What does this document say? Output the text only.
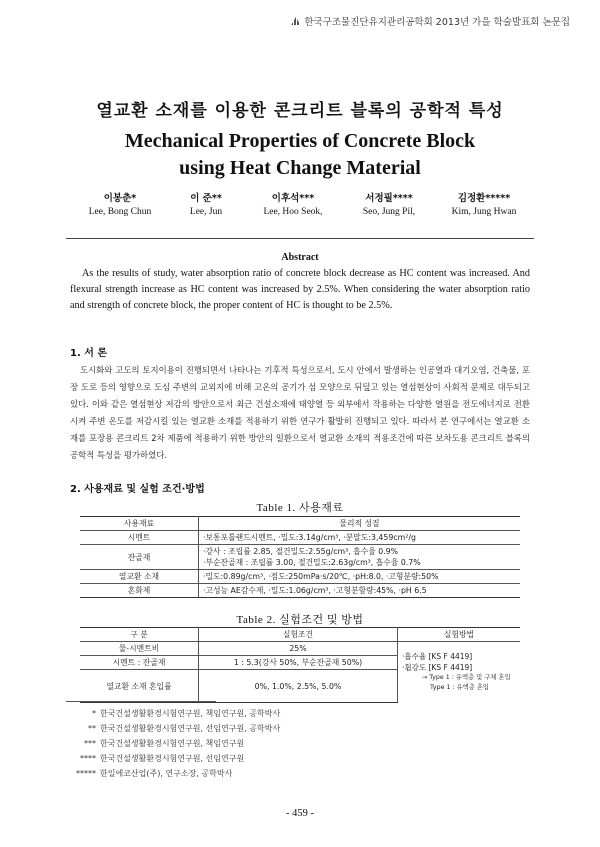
한국구조물진단유지관리공학회 2013년 가을 학술발표회 논문집
열교환 소재를 이용한 콘크리트 블록의 공학적 특성
Mechanical Properties of Concrete Block
using Heat Change Material
이봉춘*
Lee, Bong Chun
이 준**
Lee, Jun
이후석***
Lee, Hoo Seok,
서정필****
Seo, Jung Pil,
김정환*****
Kim, Jung Hwan
Abstract
As the results of study, water absorption ratio of concrete block decrease as HC content was increased. And flexural strength increase as HC content was increased by 2.5%. When considering the water absorption ratio and strength of concrete block, the proper content of HC is thought to be 2.5%.
1. 서 론
도시화와 고도의 토지이용이 진행되면서 나타나는 기후적 특성으로서, 도시 안에서 발생하는 인공열과 대기오염, 건축물, 포장 도로 등의 영향으로 도심 주변의 교외지에 비해 고온의 공기가 섬 모양으로 뒤덮고 있는 열섬현상이 사회적 문제로 대두되고 있다. 이와 같은 열섬현상 저감의 방안으로서 최근 건설소재에 태양열 등 외부에서 작용하는 다양한 열원을 전도에너지로 전환시켜 주변 온도를 저감시킬 있는 열교환 소재를 적용하기 위한 연구가 활발히 진행되고 있다. 따라서 본 연구에서는 열교환 소재를 포장용 콘크리트 2차 제품에 적용하기 위한 방안의 일환으로서 열교환 소재의 적용조건에 따른 보차도용 콘크리트 블록의 공학적 특성을 평가하였다.
2. 사용재료 및 실험 조건·방법
Table 1. 사용재료
사용재료	물리적 성질
시멘트	·보통포틀랜드시멘트, ·밀도:3.14g/cm³, ·분말도:3,459cm²/g
잔골재	·강사 : 조립률 2.85, 절건밀도:2.55g/cm³, 흡수율 0.9%
·부순잔골재 : 조립률 3.00, 절건밀도:2.63g/cm³, 흡수율 0.7%

열교환 소재	·밀도:0.89g/cm³, ·점도:250mPa·s/20℃, ·pH:8.0, ·고형분량:50%
혼화제	·고성능 AE감수제, ·밀도:1.06g/cm³, ·고형분함량:45%, ·pH 6.5
Table 2. 실험조건 및 방법
구 분	실험조건	실험방법
물-시멘트비	25%	·흡수율 [KS F 4419]
·휨강도 [KS F 4419]
→ Type 1 : 유액층 및 구체 혼입
Type 1 : 유액층 혼입

시멘트 : 잔골재	1 : 5.3(강사 50%, 부순잔골재 50%)	
열교환 소재 혼입률	0%, 1.0%, 2.5%, 5.0%	
* 한국건설생활환경시험연구원, 책임연구원, 공학박사
** 한국건설생활환경시험연구원, 선임연구원, 공학박사
*** 한국건설생활환경시험연구원, 책임연구원
**** 한국건설생활환경시험연구원, 선임연구원
***** 한일에코산업(주), 연구소장, 공학박사
- 459 -
